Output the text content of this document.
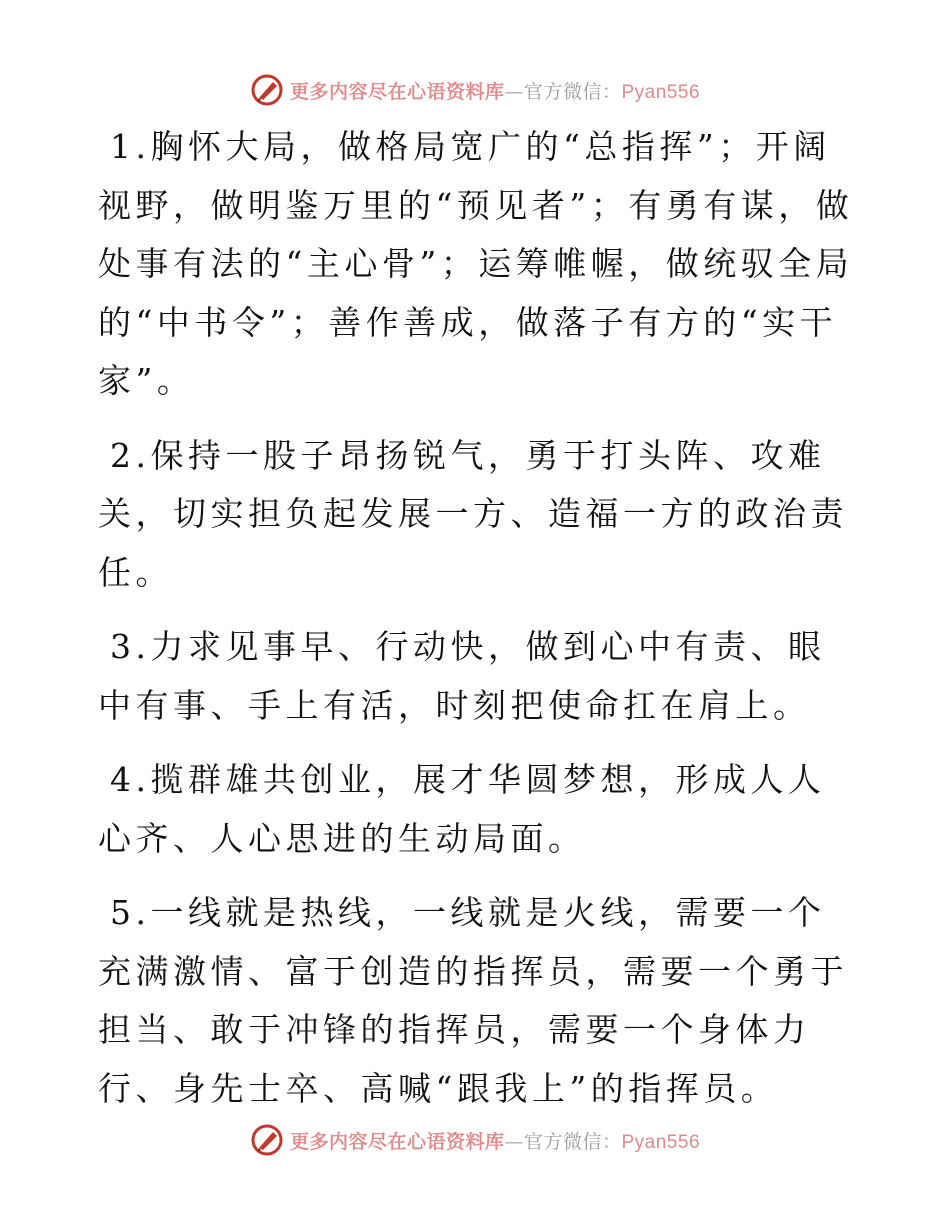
更多内容尽在心语资料库—官方微信：Pyan556

1.胸怀大局，做格局宽广的“总指挥”；开阔视野，做明鉴万里的“预见者”；有勇有谋，做处事有法的“主心骨”；运筹帷幄，做统驭全局的“中书令”；善作善成，做落子有方的“实干家”。

2.保持一股子昂扬锐气，勇于打头阵、攻难关，切实担负起发展一方、造福一方的政治责任。

3.力求见事早、行动快，做到心中有责、眼中有事、手上有活，时刻把使命扛在肩上。

4.揽群雄共创业，展才华圆梦想，形成人人心齐、人心思进的生动局面。

5.一线就是热线，一线就是火线，需要一个充满激情、富于创造的指挥员，需要一个勇于担当、敢于冲锋的指挥员，需要一个身体力行、身先士卒、高喊“跟我上”的指挥员。

更多内容尽在心语资料库—官方微信：Pyan556
